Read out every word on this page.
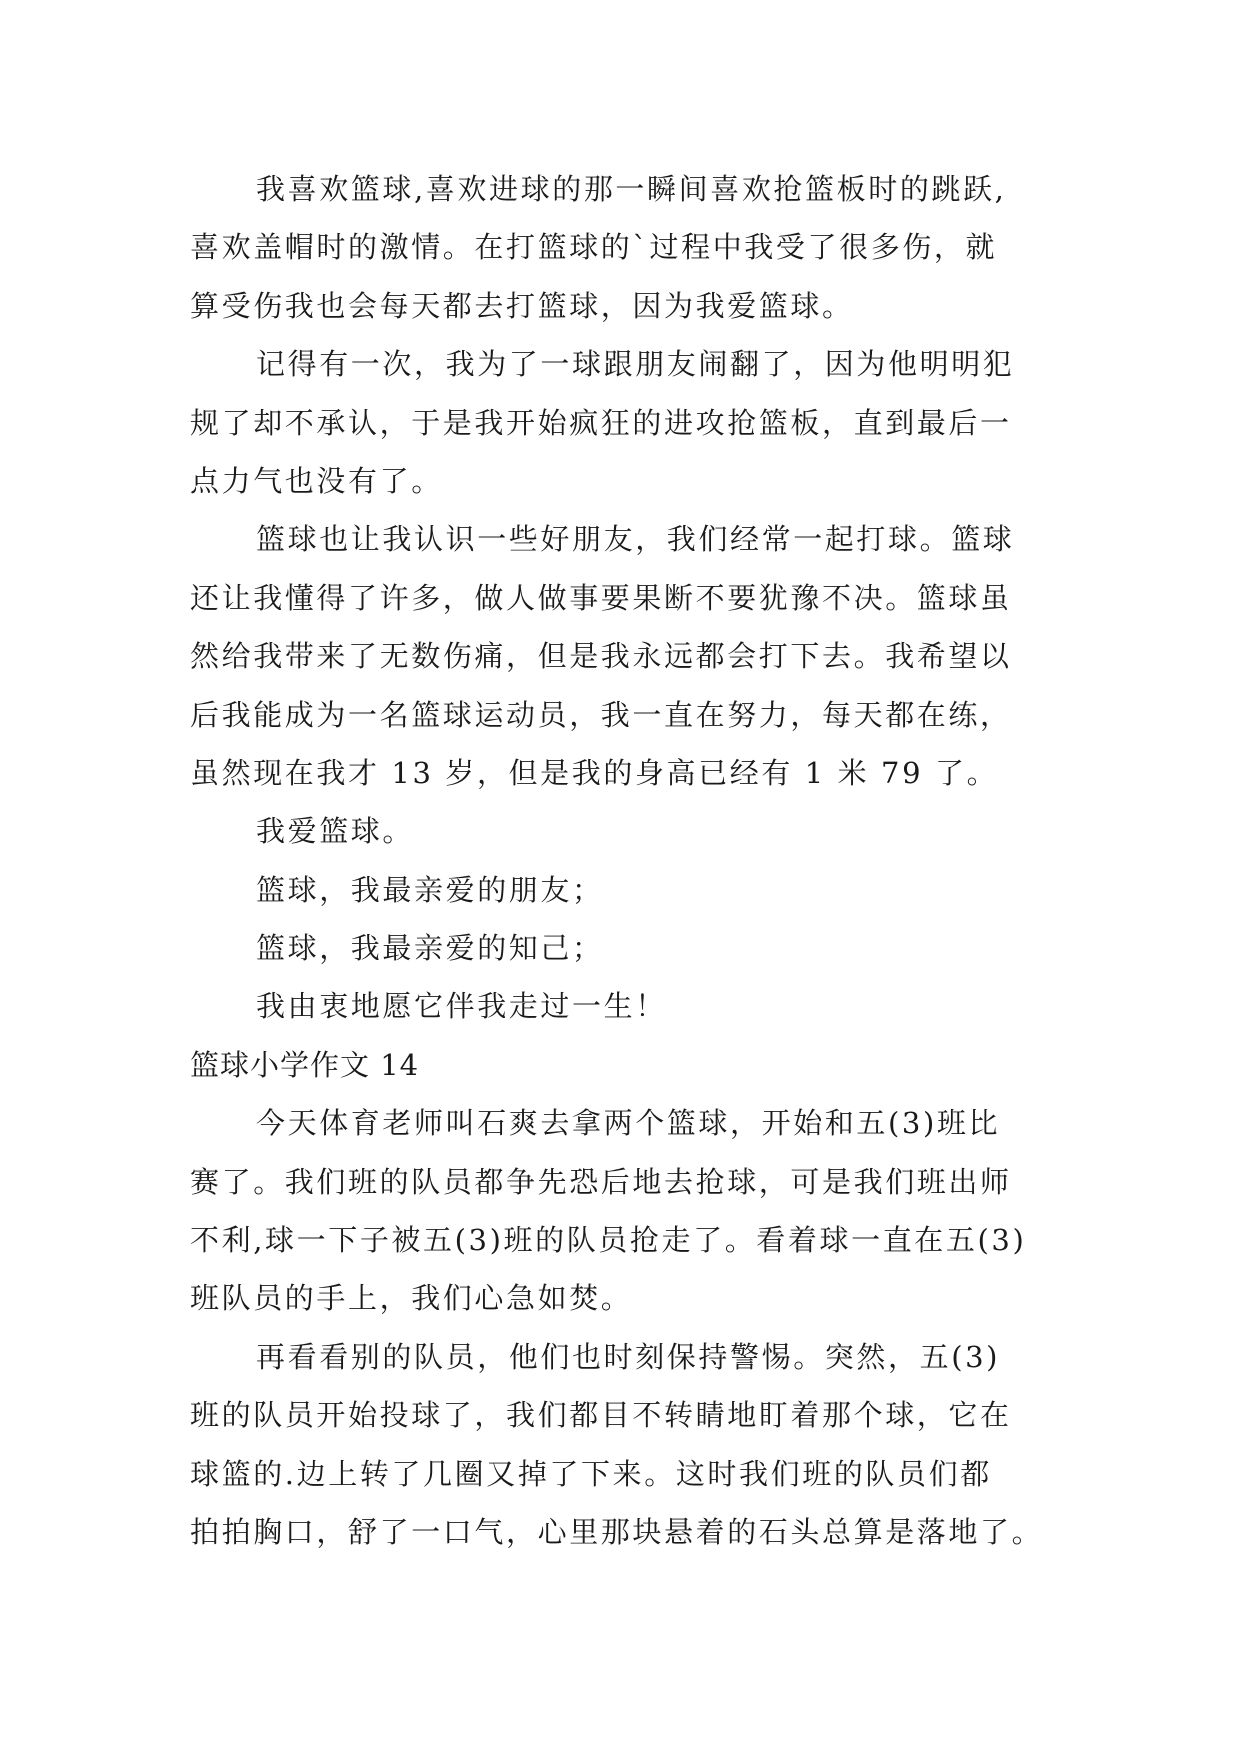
我喜欢篮球,喜欢进球的那一瞬间喜欢抢篮板时的跳跃,
喜欢盖帽时的激情。在打篮球的`过程中我受了很多伤，就
算受伤我也会每天都去打篮球，因为我爱篮球。
记得有一次，我为了一球跟朋友闹翻了，因为他明明犯
规了却不承认，于是我开始疯狂的进攻抢篮板，直到最后一
点力气也没有了。
篮球也让我认识一些好朋友，我们经常一起打球。篮球
还让我懂得了许多，做人做事要果断不要犹豫不决。篮球虽
然给我带来了无数伤痛，但是我永远都会打下去。我希望以
后我能成为一名篮球运动员，我一直在努力，每天都在练，
虽然现在我才 13 岁，但是我的身高已经有 1 米 79 了。
我爱篮球。
篮球，我最亲爱的朋友；
篮球，我最亲爱的知己；
我由衷地愿它伴我走过一生！
篮球小学作文 14
今天体育老师叫石爽去拿两个篮球，开始和五(3)班比
赛了。我们班的队员都争先恐后地去抢球，可是我们班出师
不利,球一下子被五(3)班的队员抢走了。看着球一直在五(3)
班队员的手上，我们心急如焚。
再看看别的队员，他们也时刻保持警惕。突然，五(3)
班的队员开始投球了，我们都目不转睛地盯着那个球，它在
球篮的.边上转了几圈又掉了下来。这时我们班的队员们都
拍拍胸口，舒了一口气，心里那块悬着的石头总算是落地了。
